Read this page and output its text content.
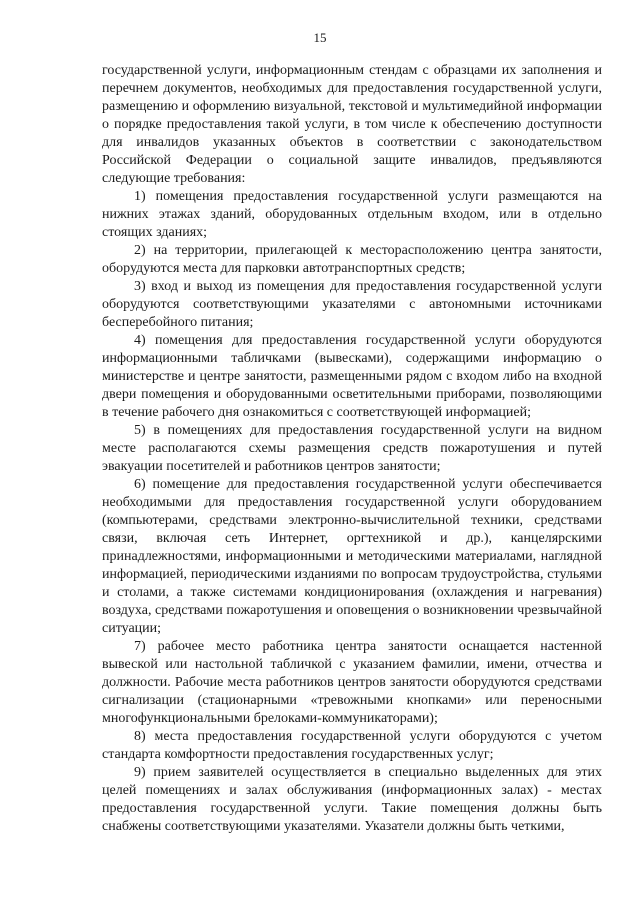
15

государственной услуги, информационным стендам с образцами их заполнения и перечнем документов, необходимых для предоставления государственной услуги, размещению и оформлению визуальной, текстовой и мультимедийной информации о порядке предоставления такой услуги, в том числе к обеспечению доступности для инвалидов указанных объектов в соответствии с законодательством Российской Федерации о социальной защите инвалидов, предъявляются следующие требования:

1) помещения предоставления государственной услуги размещаются на нижних этажах зданий, оборудованных отдельным входом, или в отдельно стоящих зданиях;

2) на территории, прилегающей к месторасположению центра занятости, оборудуются места для парковки автотранспортных средств;

3) вход и выход из помещения для предоставления государственной услуги оборудуются соответствующими указателями с автономными источниками бесперебойного питания;

4) помещения для предоставления государственной услуги оборудуются информационными табличками (вывесками), содержащими информацию о министерстве и центре занятости, размещенными рядом с входом либо на входной двери помещения и оборудованными осветительными приборами, позволяющими в течение рабочего дня ознакомиться с соответствующей информацией;

5) в помещениях для предоставления государственной услуги на видном месте располагаются схемы размещения средств пожаротушения и путей эвакуации посетителей и работников центров занятости;

6) помещение для предоставления государственной услуги обеспечивается необходимыми для предоставления государственной услуги оборудованием (компьютерами, средствами электронно-вычислительной техники, средствами связи, включая сеть Интернет, оргтехникой и др.), канцелярскими принадлежностями, информационными и методическими материалами, наглядной информацией, периодическими изданиями по вопросам трудоустройства, стульями и столами, а также системами кондиционирования (охлаждения и нагревания) воздуха, средствами пожаротушения и оповещения о возникновении чрезвычайной ситуации;

7) рабочее место работника центра занятости оснащается настенной вывеской или настольной табличкой с указанием фамилии, имени, отчества и должности. Рабочие места работников центров занятости оборудуются средствами сигнализации (стационарными «тревожными кнопками» или переносными многофункциональными брелоками-коммуникаторами);

8) места предоставления государственной услуги оборудуются с учетом стандарта комфортности предоставления государственных услуг;

9) прием заявителей осуществляется в специально выделенных для этих целей помещениях и залах обслуживания (информационных залах) - местах предоставления государственной услуги. Такие помещения должны быть снабжены соответствующими указателями. Указатели должны быть четкими,
